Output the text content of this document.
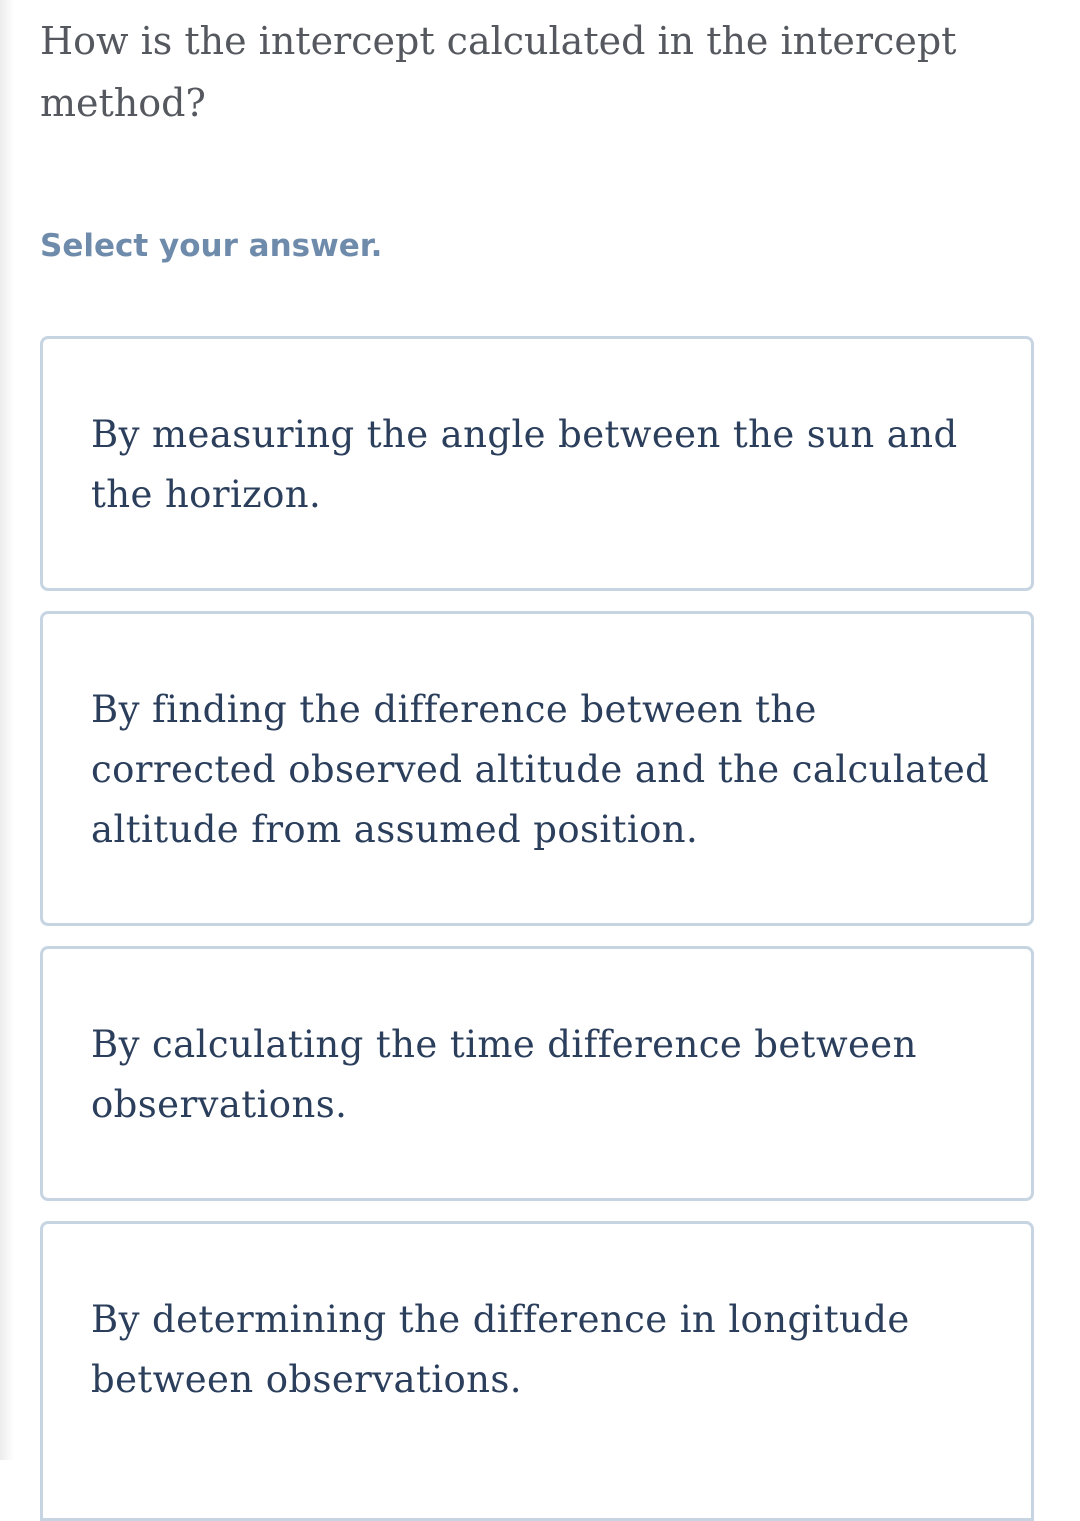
How is the intercept calculated in the intercept method?
Select your answer.
By measuring the angle between the sun and the horizon.
By finding the difference between the corrected observed altitude and the calculated altitude from assumed position.
By calculating the time difference between observations.
By determining the difference in longitude between observations.
